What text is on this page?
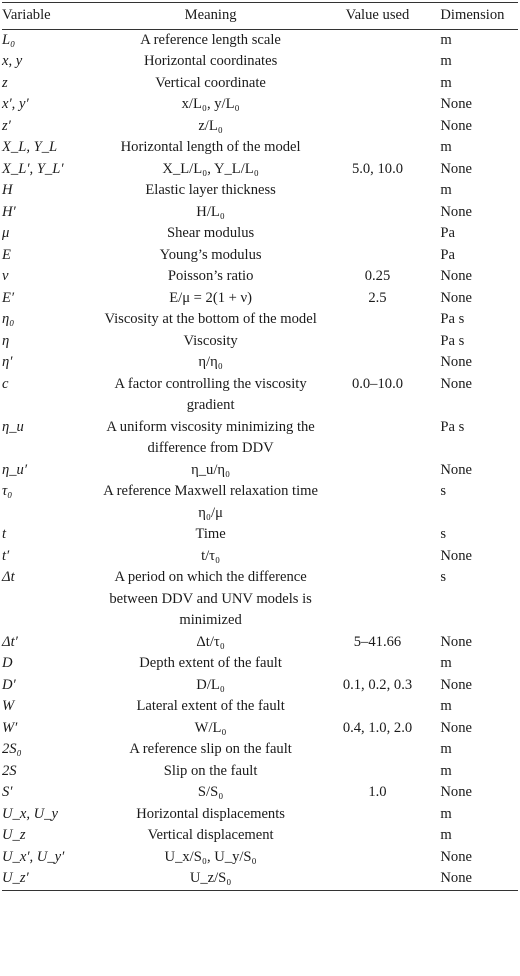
Variable	Meaning	Value used	Dimension
L₀	A reference length scale		m
x, y	Horizontal coordinates		m
z	Vertical coordinate		m
x′, y′	x/L₀, y/L₀		None
z′	z/L₀		None
X_L, Y_L	Horizontal length of the model		m
X_L′, Y_L′	X_L/L₀, Y_L/L₀	5.0, 10.0	None
H	Elastic layer thickness		m
H′	H/L₀		None
μ	Shear modulus		Pa
E	Young’s modulus		Pa
ν	Poisson’s ratio	0.25	None
E′	E/μ = 2(1 + ν)	2.5	None
η₀	Viscosity at the bottom of the model		Pa s
η	Viscosity		Pa s
η′	η/η₀		None
c	A factor controlling the viscosity gradient	0.0–10.0	None
η_u	A uniform viscosity minimizing the difference from DDV		Pa s
η_u′	η_u/η₀		None
τ₀	A reference Maxwell relaxation time η₀/μ		s
t	Time		s
t′	t/τ₀		None
Δt	A period on which the difference between DDV and UNV models is minimized		s
Δt′	Δt/τ₀	5–41.66	None
D	Depth extent of the fault		m
D′	D/L₀	0.1, 0.2, 0.3	None
W	Lateral extent of the fault		m
W′	W/L₀	0.4, 1.0, 2.0	None
2S₀	A reference slip on the fault		m
2S	Slip on the fault		m
S′	S/S₀	1.0	None
U_x, U_y	Horizontal displacements		m
U_z	Vertical displacement		m
U_x′, U_y′	U_x/S₀, U_y/S₀		None
U_z′	U_z/S₀		None
